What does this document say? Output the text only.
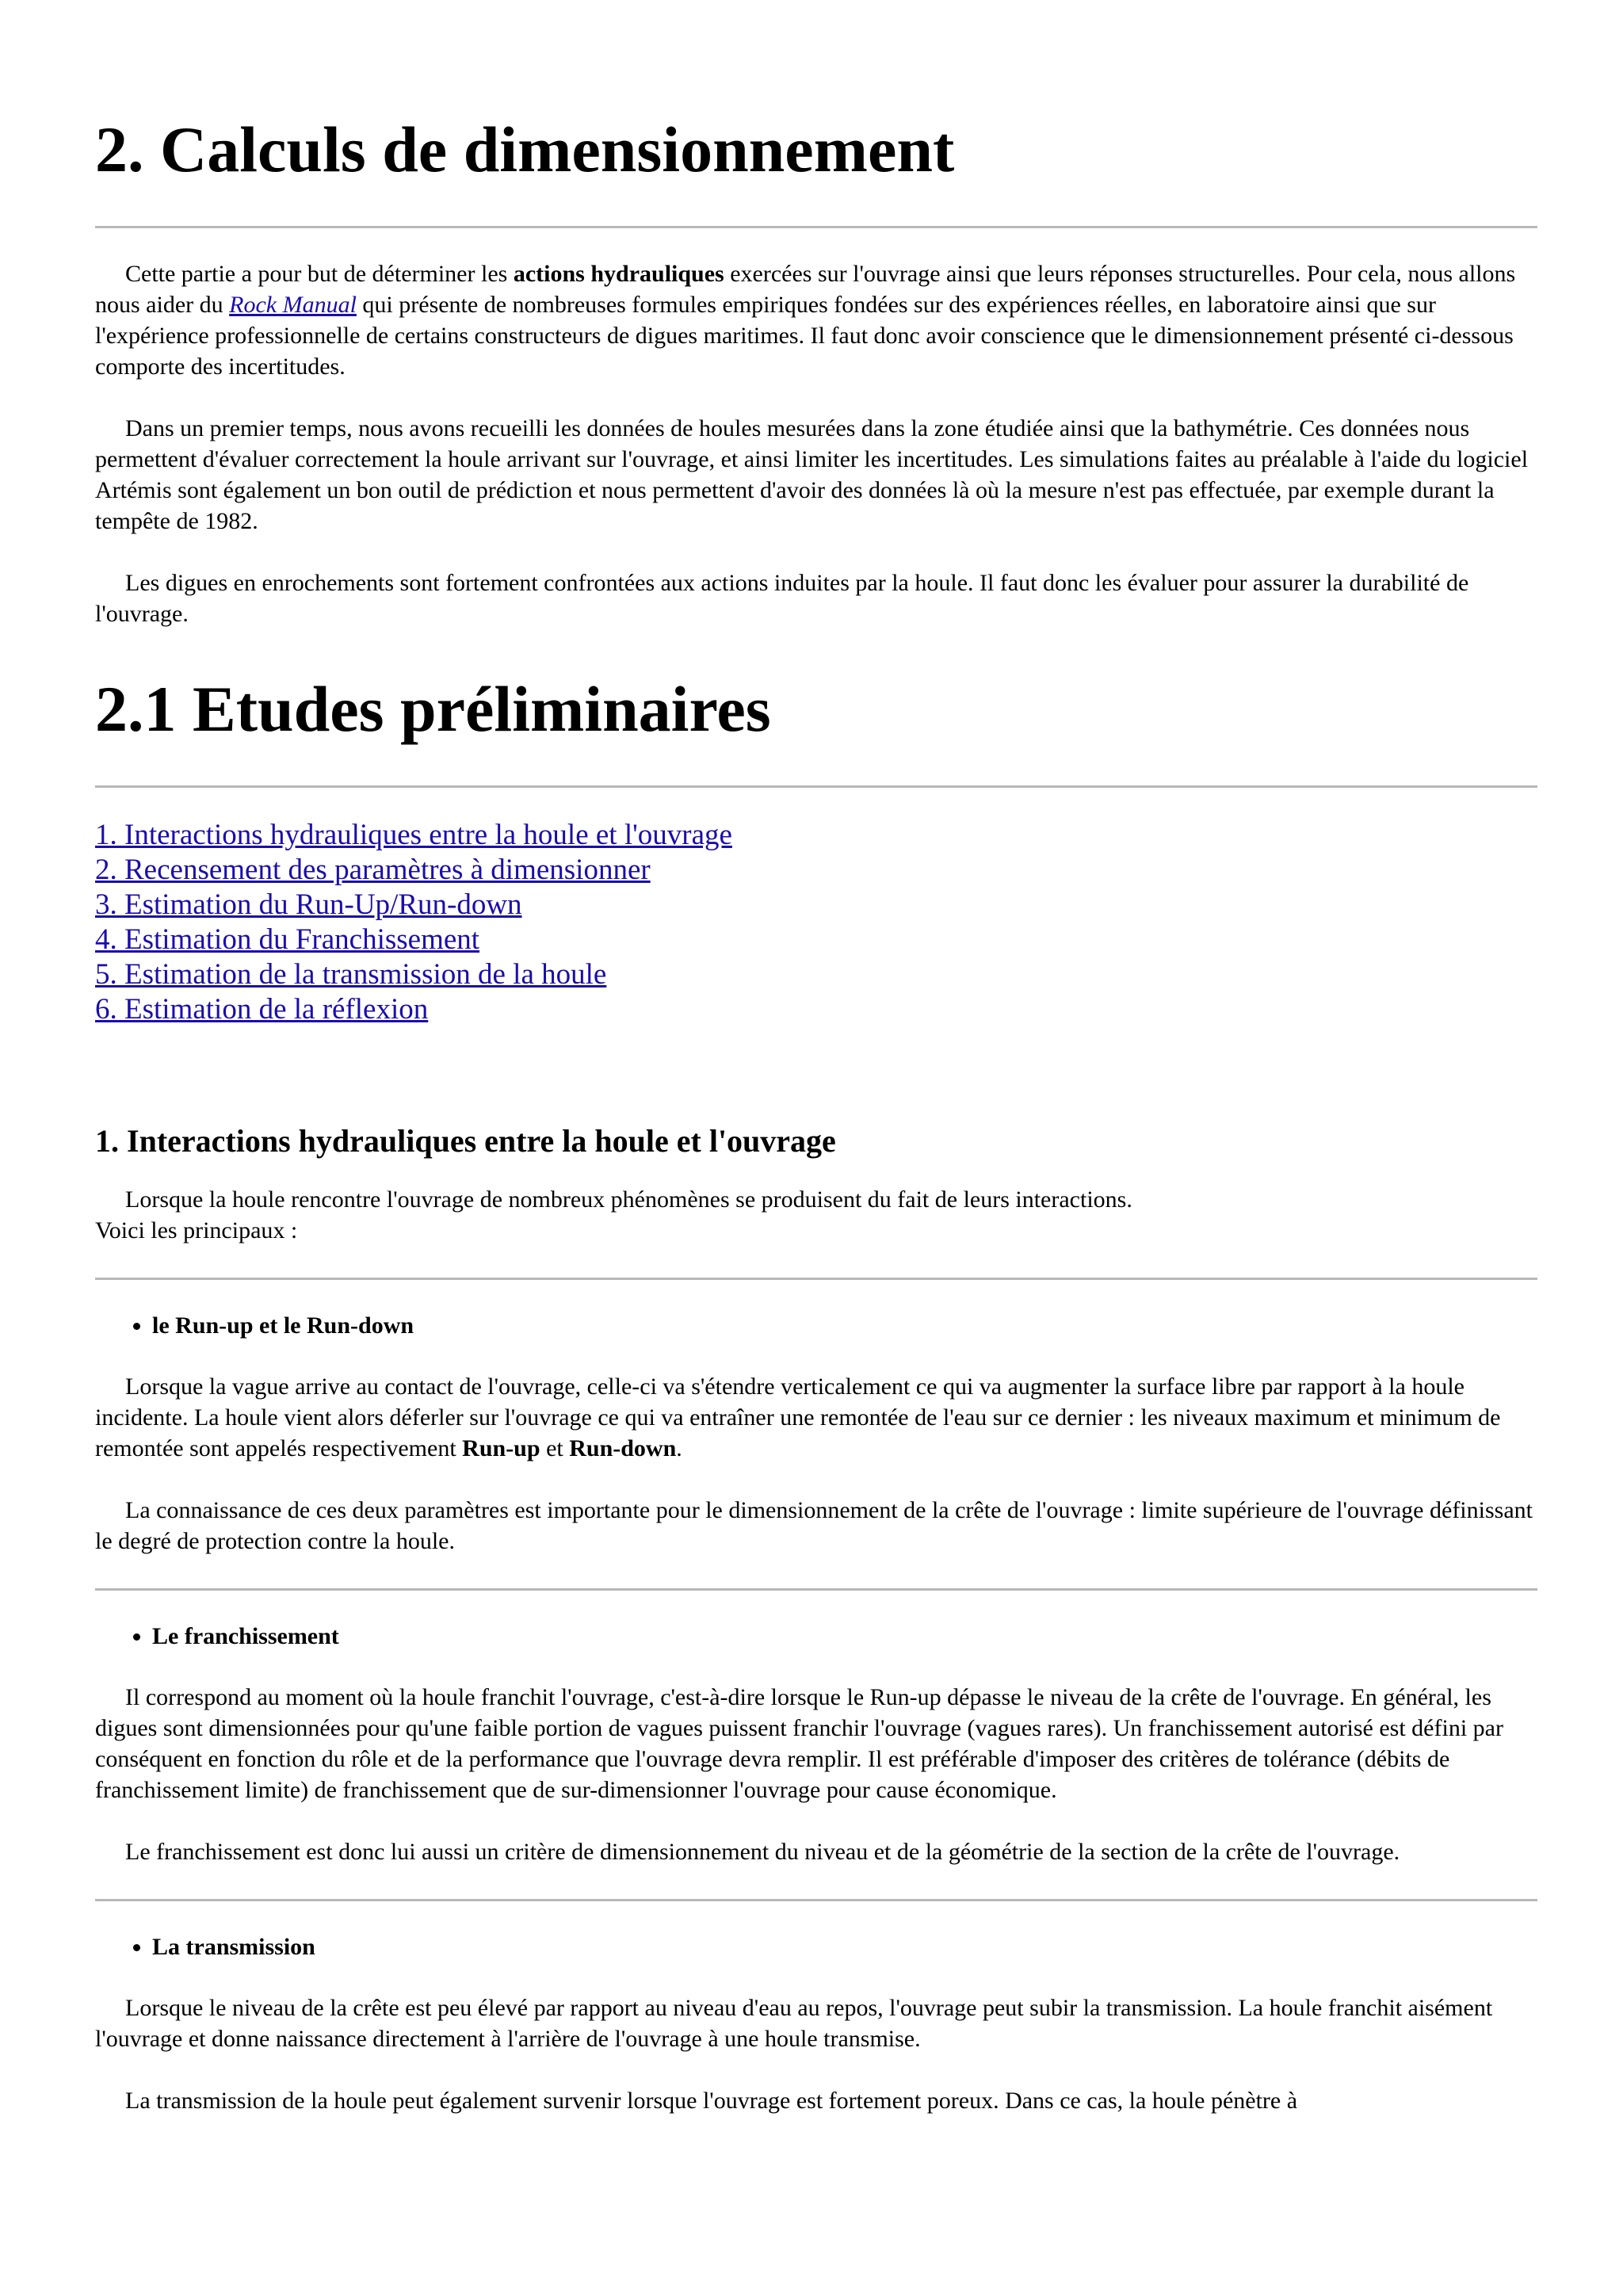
2. Calculs de dimensionnement

Cette partie a pour but de déterminer les actions hydrauliques exercées sur l'ouvrage ainsi que leurs réponses structurelles. Pour cela, nous allons nous aider du Rock Manual qui présente de nombreuses formules empiriques fondées sur des expériences réelles, en laboratoire ainsi que sur l'expérience professionnelle de certains constructeurs de digues maritimes. Il faut donc avoir conscience que le dimensionnement présenté ci-dessous comporte des incertitudes.

Dans un premier temps, nous avons recueilli les données de houles mesurées dans la zone étudiée ainsi que la bathymétrie. Ces données nous permettent d'évaluer correctement la houle arrivant sur l'ouvrage, et ainsi limiter les incertitudes. Les simulations faites au préalable à l'aide du logiciel Artémis sont également un bon outil de prédiction et nous permettent d'avoir des données là où la mesure n'est pas effectuée, par exemple durant la tempête de 1982.

Les digues en enrochements sont fortement confrontées aux actions induites par la houle. Il faut donc les évaluer pour assurer la durabilité de l'ouvrage.

2.1 Etudes préliminaires
1. Interactions hydrauliques entre la houle et l'ouvrage
2. Recensement des paramètres à dimensionner
3. Estimation du Run-Up/Run-down
4. Estimation du Franchissement
5. Estimation de la transmission de la houle
6. Estimation de la réflexion
1. Interactions hydrauliques entre la houle et l'ouvrage

Lorsque la houle rencontre l'ouvrage de nombreux phénomènes se produisent du fait de leurs interactions.
Voici les principaux :

• le Run-up et le Run-down

Lorsque la vague arrive au contact de l'ouvrage, celle-ci va s'étendre verticalement ce qui va augmenter la surface libre par rapport à la houle incidente. La houle vient alors déferler sur l'ouvrage ce qui va entraîner une remontée de l'eau sur ce dernier : les niveaux maximum et minimum de remontée sont appelés respectivement Run-up et Run-down.

La connaissance de ces deux paramètres est importante pour le dimensionnement de la crête de l'ouvrage : limite supérieure de l'ouvrage définissant le degré de protection contre la houle.

• Le franchissement

Il correspond au moment où la houle franchit l'ouvrage, c'est-à-dire lorsque le Run-up dépasse le niveau de la crête de l'ouvrage. En général, les digues sont dimensionnées pour qu'une faible portion de vagues puissent franchir l'ouvrage (vagues rares). Un franchissement autorisé est défini par conséquent en fonction du rôle et de la performance que l'ouvrage devra remplir. Il est préférable d'imposer des critères de tolérance (débits de franchissement limite) de franchissement que de sur-dimensionner l'ouvrage pour cause économique.

Le franchissement est donc lui aussi un critère de dimensionnement du niveau et de la géométrie de la section de la crête de l'ouvrage.

• La transmission

Lorsque le niveau de la crête est peu élevé par rapport au niveau d'eau au repos, l'ouvrage peut subir la transmission. La houle franchit aisément l'ouvrage et donne naissance directement à l'arrière de l'ouvrage à une houle transmise.

La transmission de la houle peut également survenir lorsque l'ouvrage est fortement poreux. Dans ce cas, la houle pénètre à
